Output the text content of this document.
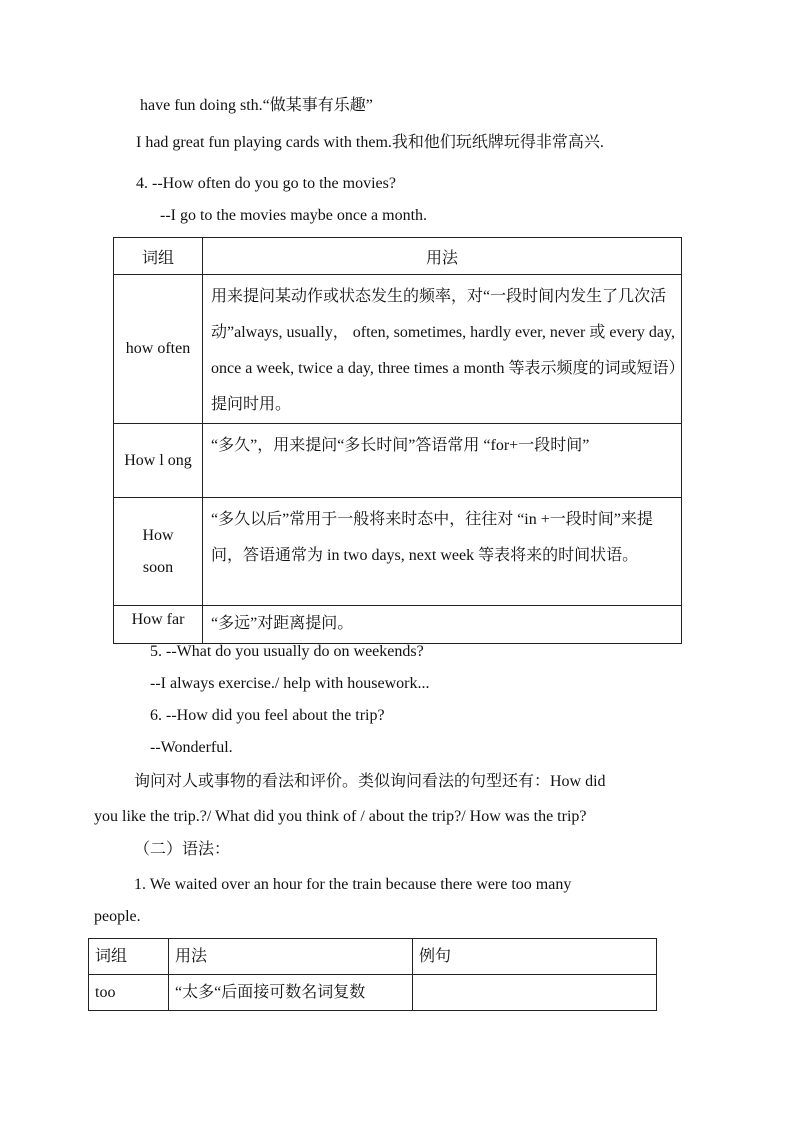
have fun doing sth.“做某事有乐趣”
I had great fun playing cards with them.我和他们玩纸牌玩得非常高兴.
4. --How often do you go to the movies?
--I go to the movies maybe once a month.
词组	用法
how often	用来提问某动作或状态发生的频率，对“一段时间内发生了几次活动”always, usually， often, sometimes, hardly ever, never 或 every day, once a week, twice a day, three times a month 等表示频度的词或短语）提问时用。
How l ong	“多久”，用来提问“多长时间”答语常用 “for+一段时间”
How soon	“多久以后”常用于一般将来时态中，往往对 “in +一段时间”来提问，答语通常为 in two days, next week 等表将来的时间状语。
How far	“多远”对距离提问。
5. --What do you usually do on weekends?
--I always exercise./ help with housework...
6. --How did you feel about the trip?
--Wonderful.
询问对人或事物的看法和评价。类似询问看法的句型还有：How did
you like the trip.?/ What did you think of / about the trip?/ How was the trip?
（二）语法：
1. We waited over an hour for the train because there were too many
people.
词组	用法	例句
too	“太多“后面接可数名词复数	
